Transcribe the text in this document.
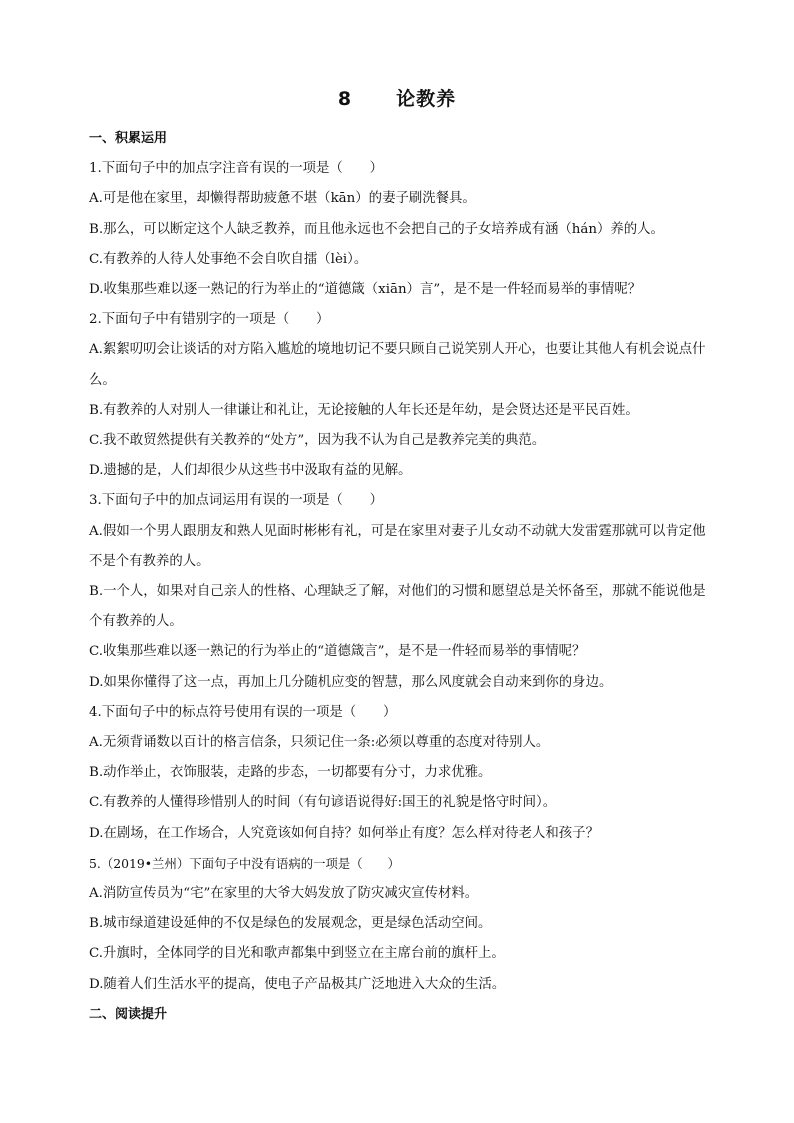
8 论教养
一、积累运用
1.下面句子中的加点字注音有误的一项是（　　）
A.可是他在家里，却懒得帮助疲惫不堪（kān）的妻子刷洗餐具。
B.那么，可以断定这个人缺乏教养，而且他永远也不会把自己的子女培养成有涵（hán）养的人。
C.有教养的人待人处事绝不会自吹自擂（lèi）。
D.收集那些难以逐一熟记的行为举止的“道德箴（xiān）言”，是不是一件轻而易举的事情呢？
2.下面句子中有错别字的一项是（　　）
A.絮絮叨叨会让谈话的对方陷入尴尬的境地切记不要只顾自己说笑别人开心，也要让其他人有机会说点什么。
B.有教养的人对别人一律谦让和礼让，无论接触的人年长还是年幼，是会贤达还是平民百姓。
C.我不敢贸然提供有关教养的“处方”，因为我不认为自己是教养完美的典范。
D.遗撼的是，人们却很少从这些书中汲取有益的见解。
3.下面句子中的加点词运用有误的一项是（　　）
A.假如一个男人跟朋友和熟人见面时彬彬有礼，可是在家里对妻子儿女动不动就大发雷霆那就可以肯定他不是个有教养的人。
B.一个人，如果对自己亲人的性格、心理缺乏了解，对他们的习惯和愿望总是关怀备至，那就不能说他是个有教养的人。
C.收集那些难以逐一熟记的行为举止的“道德箴言”，是不是一件轻而易举的事情呢？
D.如果你懂得了这一点，再加上几分随机应变的智慧，那么风度就会自动来到你的身边。
4.下面句子中的标点符号使用有误的一项是（　　）
A.无须背诵数以百计的格言信条，只须记住一条:必须以尊重的态度对待别人。
B.动作举止，衣饰服装，走路的步态，一切都要有分寸，力求优雅。
C.有教养的人懂得珍惜别人的时间（有句谚语说得好:国王的礼貌是恪守时间）。
D.在剧场，在工作场合，人究竟该如何自持？如何举止有度？怎么样对待老人和孩子？
5.（2019•兰州）下面句子中没有语病的一项是（　　）
A.消防宣传员为“宅”在家里的大爷大妈发放了防灾减灾宣传材料。
B.城市绿道建设延伸的不仅是绿色的发展观念，更是绿色活动空间。
C.升旗时，全体同学的目光和歌声都集中到竖立在主席台前的旗杆上。
D.随着人们生活水平的提高，使电子产品极其广泛地进入大众的生活。
二、阅读提升
